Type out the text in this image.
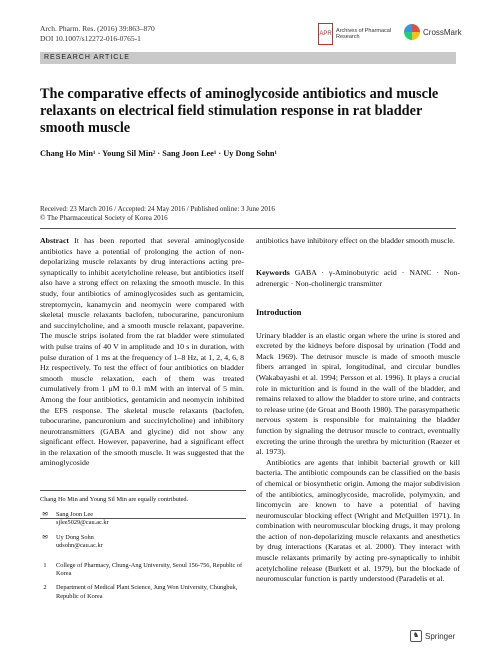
Arch. Pharm. Res. (2016) 39:863–870
DOI 10.1007/s12272-016-0765-1	APR
Archives of Pharmacal Research
CrossMark
RESEARCH ARTICLE
The comparative effects of aminoglycoside antibiotics and muscle relaxants on electrical field stimulation response in rat bladder smooth muscle
Chang Ho Min¹ · Young Sil Min² · Sang Joon Lee¹ · Uy Dong Sohn¹
Received: 23 March 2016 / Accepted: 24 May 2016 / Published online: 3 June 2016
© The Pharmaceutical Society of Korea 2016
Abstract It has been reported that several aminoglycoside antibiotics have a potential of prolonging the action of non-depolarizing muscle relaxants by drug interactions acting pre-synaptically to inhibit acetylcholine release, but antibiotics itself also have a strong effect on relaxing the smooth muscle. In this study, four antibiotics of aminoglycosides such as gentamicin, streptomycin, kanamycin and neomycin were compared with skeletal muscle relaxants baclofen, tubocurarine, pancuronium and succinylcholine, and a smooth muscle relaxant, papaverine. The muscle strips isolated from the rat bladder were stimulated with pulse trains of 40 V in amplitude and 10 s in duration, with pulse duration of 1 ms at the frequency of 1–8 Hz, at 1, 2, 4, 6, 8 Hz respectively. To test the effect of four antibiotics on bladder smooth muscle relaxation, each of them was treated cumulatively from 1 μM to 0.1 mM with an interval of 5 min. Among the four antibiotics, gentamicin and neomycin inhibited the EFS response. The skeletal muscle relaxants (baclofen, tubocurarine, pancuronium and succinylcholine) and inhibitory neurotransmitters (GABA and glycine) did not show any significant effect. However, papaverine, had a significant effect in the relaxation of the smooth muscle. It was suggested that the aminoglycoside
Chang Ho Min and Young Sil Min are equally contributed.
✉	Sang Joon Lee
sjlee5029@cau.ac.kr
✉	Uy Dong Sohn
udsohn@cau.ac.kr
1	College of Pharmacy, Chung-Ang University, Seoul 156-756, Republic of Korea
2	Department of Medical Plant Science, Jung Won University, Chungbuk, Republic of Korea
antibiotics have inhibitory effect on the bladder smooth muscle.
Keywords GABA · γ-Aminobutyric acid · NANC · Non-adrenergic · Non-cholinergic transmitter
Introduction
Urinary bladder is an elastic organ where the urine is stored and excreted by the kidneys before disposal by urination (Todd and Mack 1969). The detrusor muscle is made of smooth muscle fibers arranged in spiral, longitudinal, and circular bundles (Wakabayashi et al. 1994; Persson et al. 1996). It plays a crucial role in micturition and is found in the wall of the bladder, and remains relaxed to allow the bladder to store urine, and contracts to release urine (de Groat and Booth 1980). The parasympathetic nervous system is responsible for maintaining the bladder function by signaling the detrusor muscle to contract, eventually excreting the urine through the urethra by micturition (Raezer et al. 1973).
Antibiotics are agents that inhibit bacterial growth or kill bacteria. The antibiotic compounds can be classified on the basis of chemical or biosynthetic origin. Among the major subdivision of the antibiotics, aminoglycoside, macrolide, polymyxin, and lincomycin are known to have a potential of having neuromuscular blocking effect (Wright and McQuillen 1971). In combination with neuromuscular blocking drugs, it may prolong the action of non-depolarizing muscle relaxants and anesthetics by drug interactions (Karatas et al. 2000). They interact with muscle relaxants primarily by acting pre-synaptically to inhibit acetylcholine release (Burkett et al. 1979), but the blockade of neuromuscular function is partly understood (Paradelis et al.
♞ Springer
